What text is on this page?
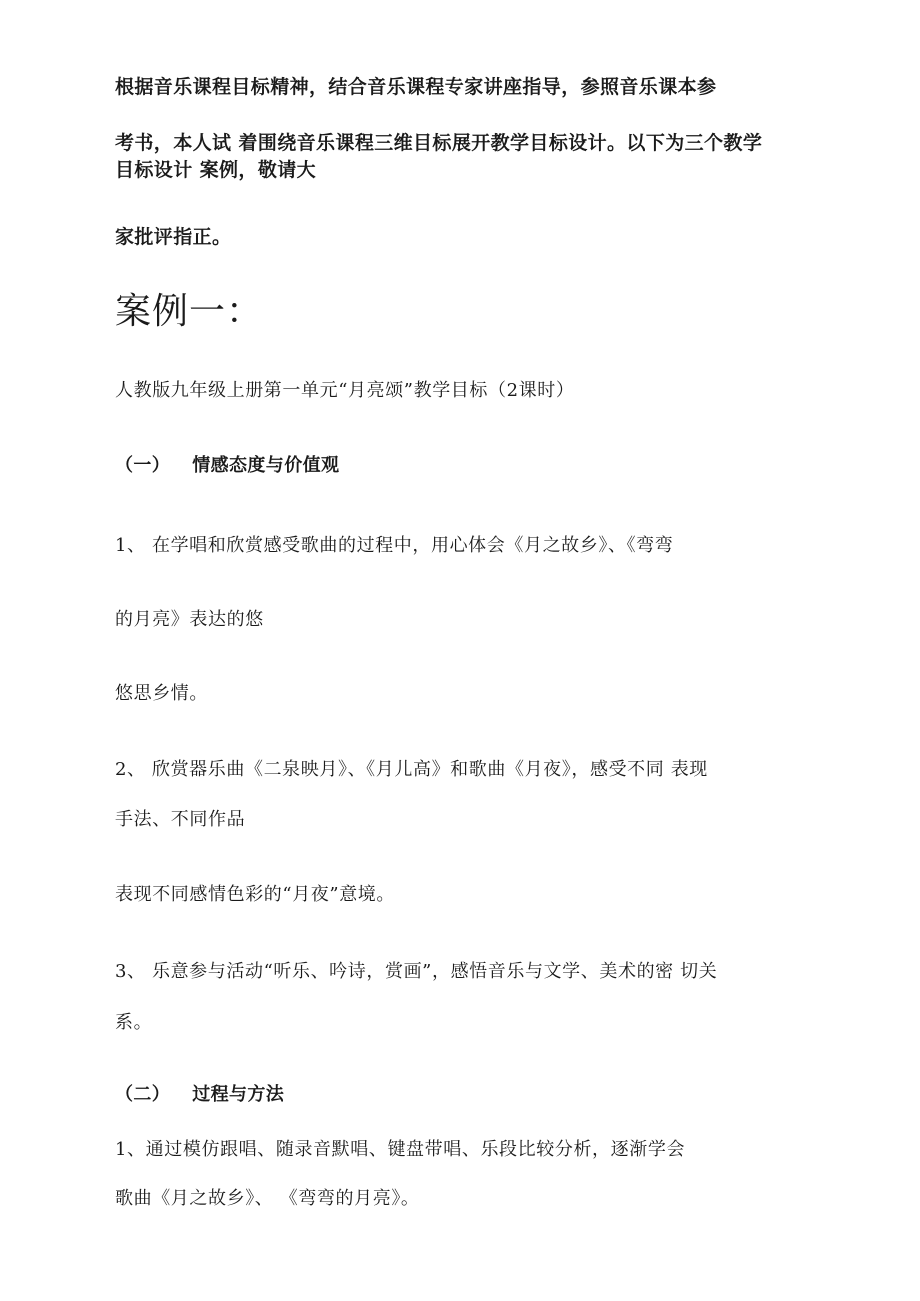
根据音乐课程目标精神，结合音乐课程专家讲座指导，参照音乐课本参

考书，本人试 着围绕音乐课程三维目标展开教学目标设计。以下为三个教学

目标设计 案例，敬请大

家批评指正。

案例一：

人教版九年级上册第一单元“月亮颂”教学目标（2课时）

（一） 情感态度与价值观

1、 在学唱和欣赏感受歌曲的过程中，用心体会《月之故乡》、《弯弯

的月亮》表达的悠

悠思乡情。

2、 欣赏器乐曲《二泉映月》、《月儿高》和歌曲《月夜》，感受不同 表现

手法、不同作品

表现不同感情色彩的“月夜”意境。

3、 乐意参与活动“听乐、吟诗，赏画”，感悟音乐与文学、美术的密 切关

系。

（二） 过程与方法

1、通过模仿跟唱、随录音默唱、键盘带唱、乐段比较分析，逐渐学会

歌曲《月之故乡》、 《弯弯的月亮》。
